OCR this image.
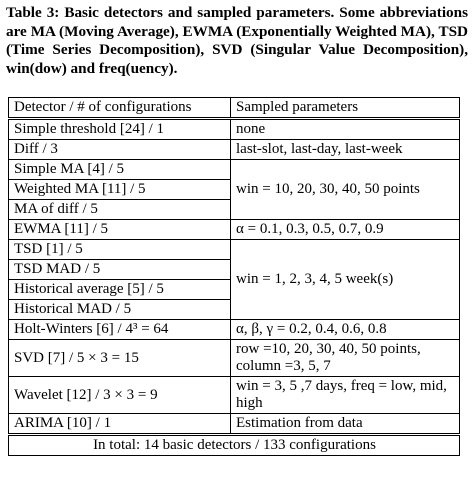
Table 3: Basic detectors and sampled parameters. Some abbreviations are MA (Moving Average), EWMA (Exponentially Weighted MA), TSD (Time Series Decomposition), SVD (Singular Value Decomposition), win(dow) and freq(uency).
Detector / # of configurations	Sampled parameters
Simple threshold [24] / 1	none
Diff / 3	last-slot, last-day, last-week
Simple MA [4] / 5	win = 10, 20, 30, 40, 50 points
Weighted MA [11] / 5	
MA of diff / 5	
EWMA [11] / 5	α = 0.1, 0.3, 0.5, 0.7, 0.9
TSD [1] / 5	win = 1, 2, 3, 4, 5 week(s)
TSD MAD / 5	
Historical average [5] / 5	
Historical MAD / 5	
Holt-Winters [6] / 4³ = 64	α, β, γ = 0.2, 0.4, 0.6, 0.8
SVD [7] / 5 × 3 = 15	row =10, 20, 30, 40, 50 points, column =3, 5, 7
Wavelet [12] / 3 × 3 = 9	win = 3, 5 ,7 days, freq = low, mid, high
ARIMA [10] / 1	Estimation from data
In total: 14 basic detectors / 133 configurations	
